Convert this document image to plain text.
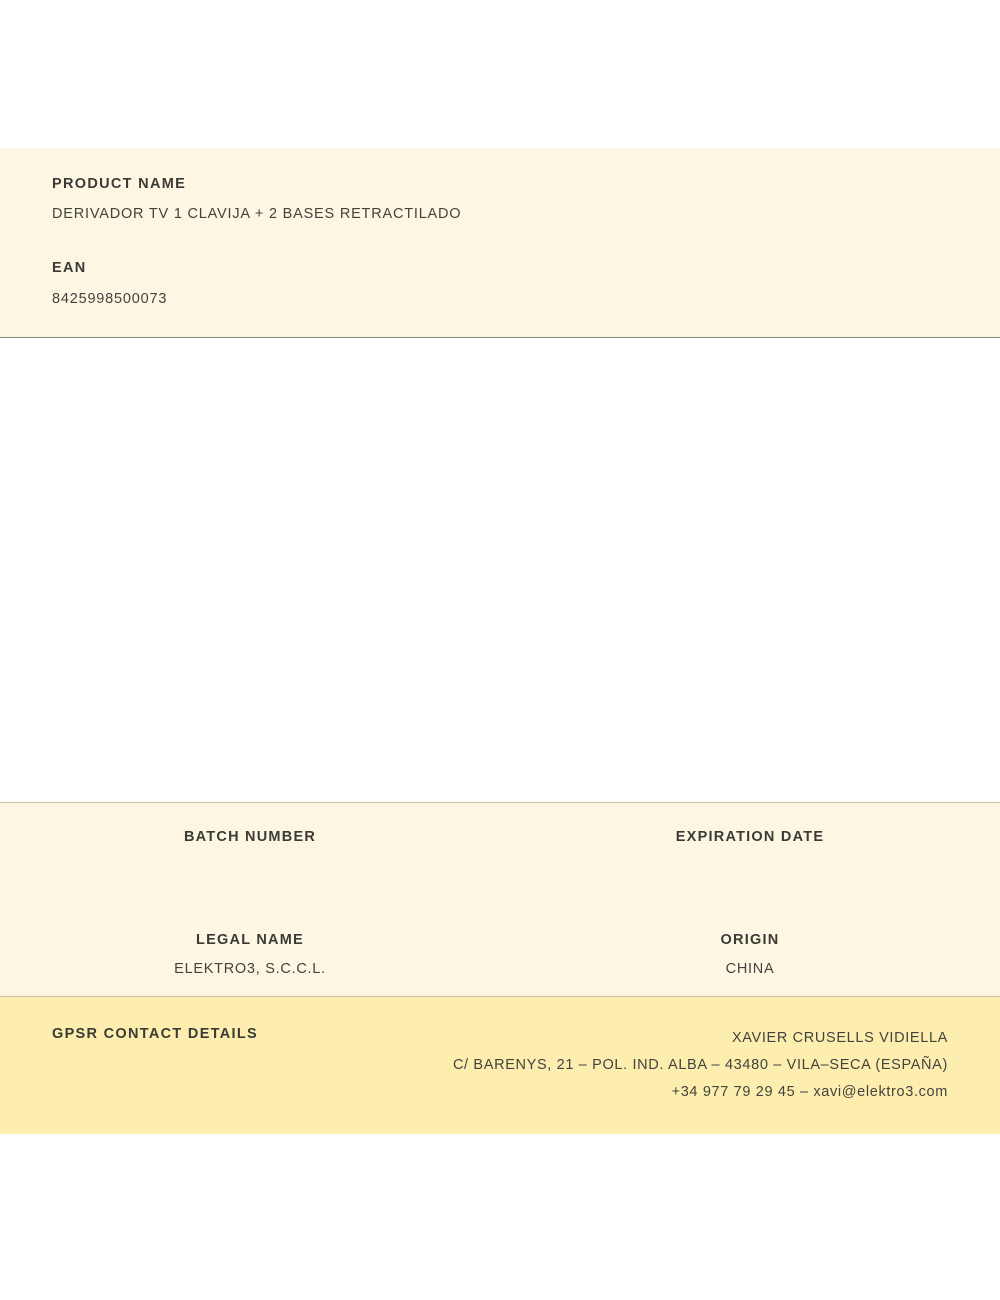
PRODUCT NAME
DERIVADOR TV 1 CLAVIJA + 2 BASES RETRACTILADO
EAN
8425998500073
BATCH NUMBER	EXPIRATION DATE
LEGAL NAME
ELEKTRO3, S.C.C.L.
ORIGIN
CHINA
GPSR CONTACT DETAILS	XAVIER CRUSELLS VIDIELLA
C/ BARENYS, 21 – POL. IND. ALBA – 43480 – VILA–SECA (ESPAÑA)
+34 977 79 29 45 – xavi@elektro3.com
